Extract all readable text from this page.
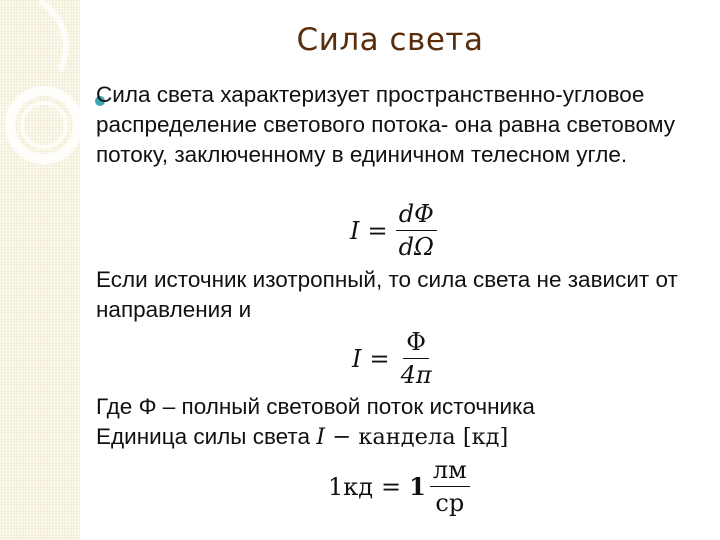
Сила света
Сила света характеризует пространственно-угловое распределение светового потока- она равна световому потоку, заключенному в единичном телесном угле.
$I = \frac{d\Phi}{d\Omega}$
Если источник изотропный, то сила света не зависит от направления и
$I = \frac{\Phi}{4\pi}$
Где Φ – полный световой поток источника
Единица силы света I − кандела [кд]
$1кд = 1 \frac{лм}{ср}$
